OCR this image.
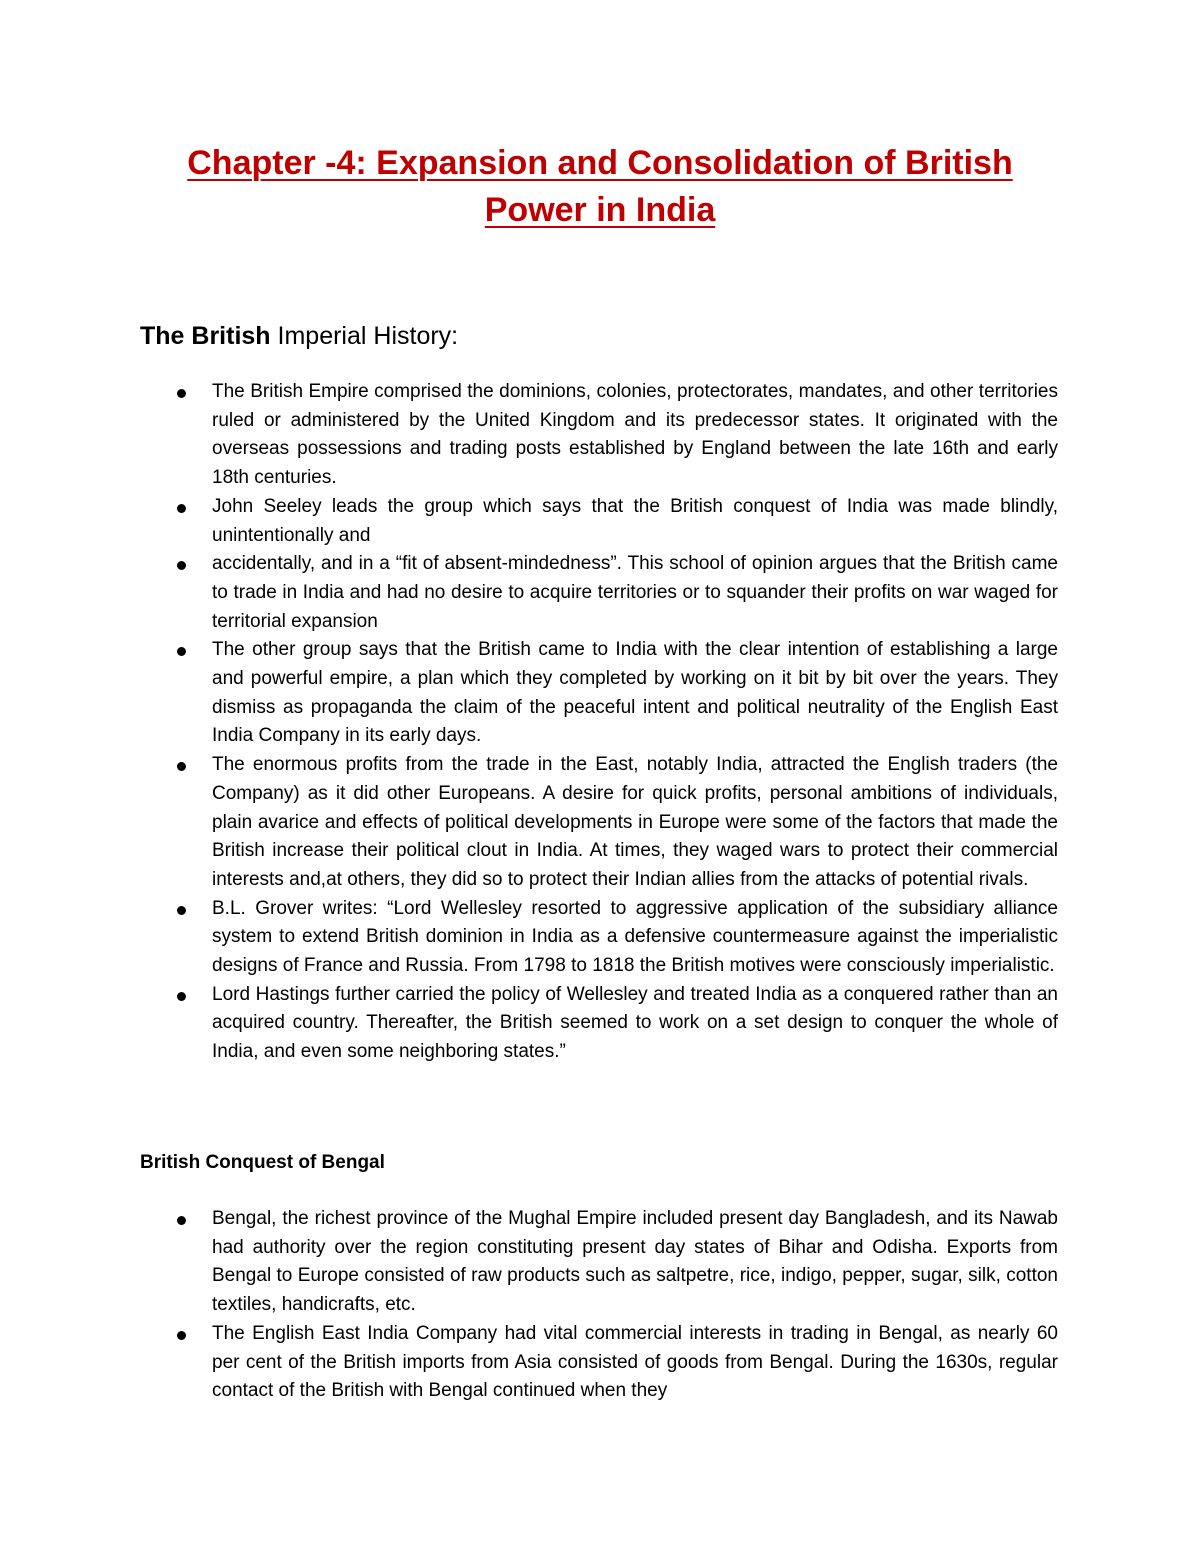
Chapter -4: Expansion and Consolidation of British
Power in India
The British Imperial History:
The British Empire comprised the dominions, colonies, protectorates, mandates, and other territories ruled or administered by the United Kingdom and its predecessor states. It originated with the overseas possessions and trading posts established by England between the late 16th and early 18th centuries.
John Seeley leads the group which says that the British conquest of India was made blindly, unintentionally and
accidentally, and in a “fit of absent-mindedness”. This school of opinion argues that the British came to trade in India and had no desire to acquire territories or to squander their profits on war waged for territorial expansion
The other group says that the British came to India with the clear intention of establishing a large and powerful empire, a plan which they completed by working on it bit by bit over the years. They dismiss as propaganda the claim of the peaceful intent and political neutrality of the English East India Company in its early days.
The enormous profits from the trade in the East, notably India, attracted the English traders (the Company) as it did other Europeans. A desire for quick profits, personal ambitions of individuals, plain avarice and effects of political developments in Europe were some of the factors that made the British increase their political clout in India. At times, they waged wars to protect their commercial interests and,at others, they did so to protect their Indian allies from the attacks of potential rivals.
B.L. Grover writes: “Lord Wellesley resorted to aggressive application of the subsidiary alliance system to extend British dominion in India as a defensive countermeasure against the imperialistic designs of France and Russia. From 1798 to 1818 the British motives were consciously imperialistic.
Lord Hastings further carried the policy of Wellesley and treated India as a conquered rather than an acquired country. Thereafter, the British seemed to work on a set design to conquer the whole of India, and even some neighboring states.”
British Conquest of Bengal
Bengal, the richest province of the Mughal Empire included present day Bangladesh, and its Nawab had authority over the region constituting present day states of Bihar and Odisha. Exports from Bengal to Europe consisted of raw products such as saltpetre, rice, indigo, pepper, sugar, silk, cotton textiles, handicrafts, etc.
The English East India Company had vital commercial interests in trading in Bengal, as nearly 60 per cent of the British imports from Asia consisted of goods from Bengal. During the 1630s, regular contact of the British with Bengal continued when they
